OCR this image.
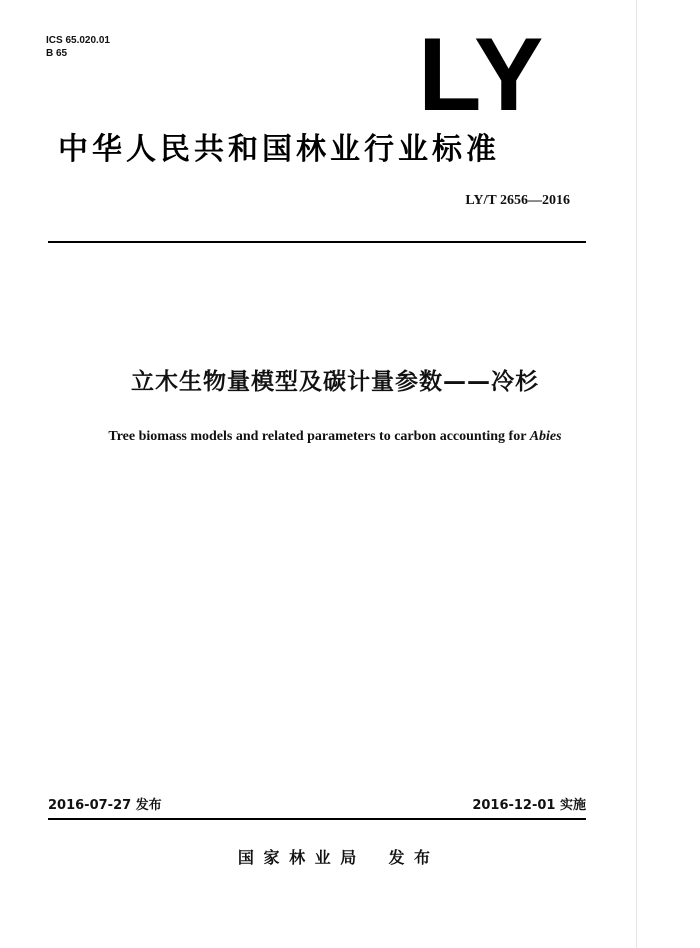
ICS 65.020.01
B 65	LY
中华人民共和国林业行业标准
LY/T 2656—2016
立木生物量模型及碳计量参数——冷杉
Tree biomass models and related parameters to carbon accounting for Abies
2016-07-27 发布	2016-12-01 实施
国 家 林 业 局    发 布
